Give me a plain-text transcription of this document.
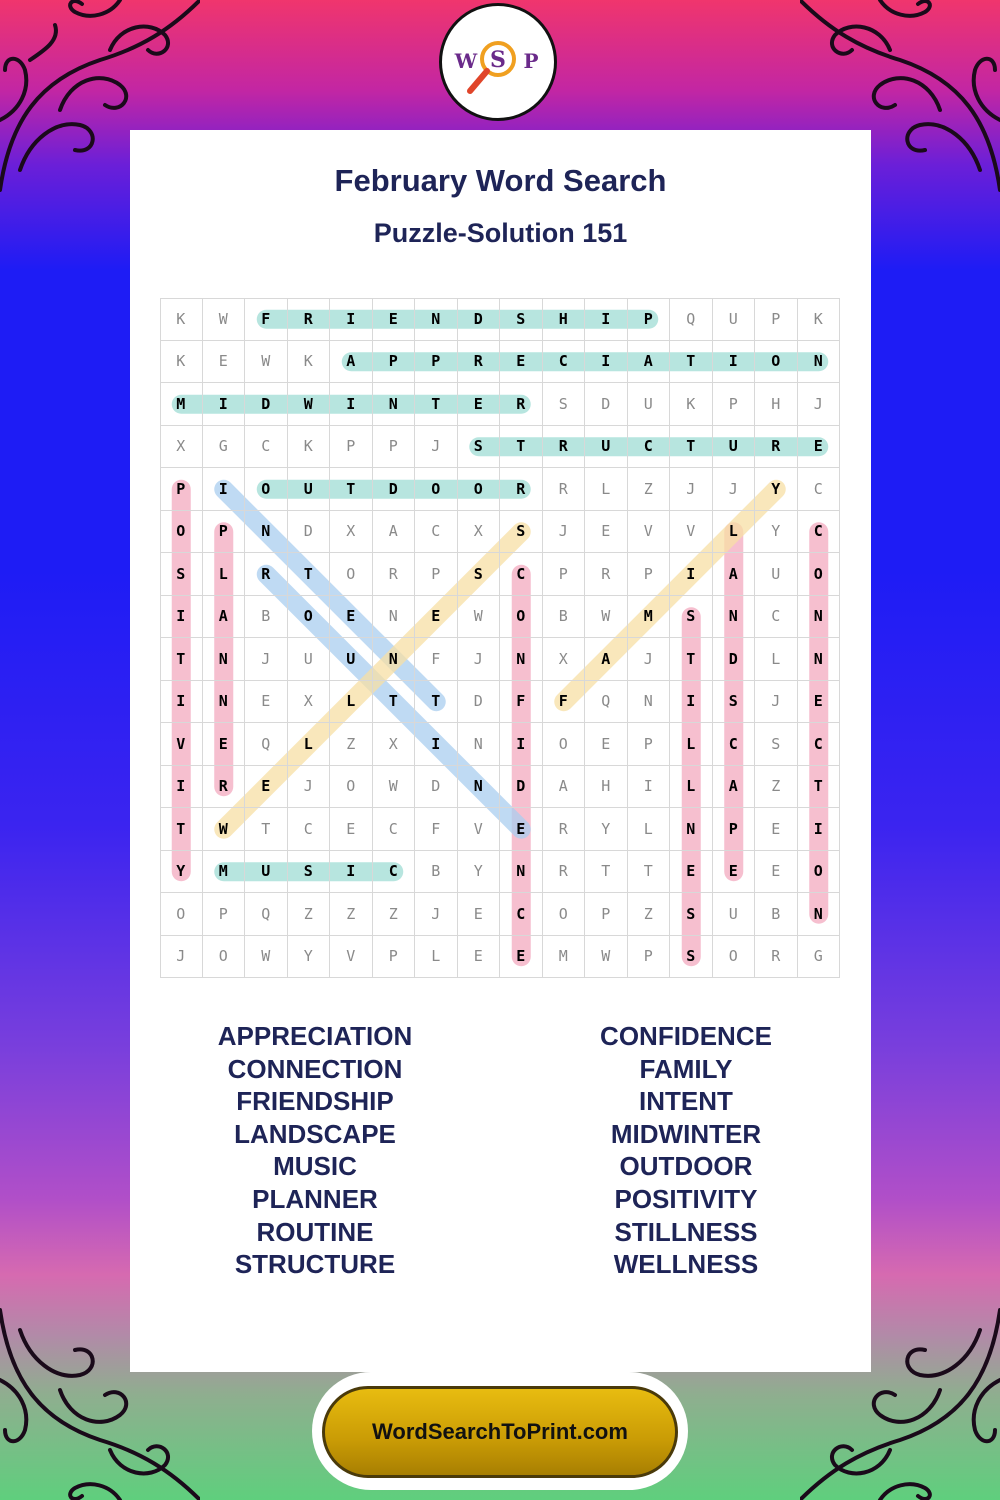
February Word Search
Puzzle-Solution 151
K	W	F	R	I	E	N	D	S	H	I	P	Q	U	P	K
K	E	W	K	A	P	P	R	E	C	I	A	T	I	O	N
M	I	D	W	I	N	T	E	R	S	D	U	K	P	H	J
X	G	C	K	P	P	J	S	T	R	U	C	T	U	R	E
P	I	O	U	T	D	O	O	R	R	L	Z	J	J	Y	C
O	P	N	D	X	A	C	X	S	J	E	V	V	L	Y	C
S	L	R	T	O	R	P	S	C	P	R	P	I	A	U	O
I	A	B	O	E	N	E	W	O	B	W	M	S	N	C	N
T	N	J	U	U	N	F	J	N	X	A	J	T	D	L	N
I	N	E	X	L	T	T	D	F	F	Q	N	I	S	J	E
V	E	Q	L	Z	X	I	N	I	O	E	P	L	C	S	C
I	R	E	J	O	W	D	N	D	A	H	I	L	A	Z	T
T	W	T	C	E	C	F	V	E	R	Y	L	N	P	E	I
Y	M	U	S	I	C	B	Y	N	R	T	T	E	E	E	O
O	P	Q	Z	Z	Z	J	E	C	O	P	Z	S	U	B	N
J	O	W	Y	V	P	L	E	E	M	W	P	S	O	R	G
APPRECIATION
CONNECTION
FRIENDSHIP
LANDSCAPE
MUSIC
PLANNER
ROUTINE
STRUCTURE
CONFIDENCE
FAMILY
INTENT
MIDWINTER
OUTDOOR
POSITIVITY
STILLNESS
WELLNESS
W S P
WordSearchToPrint.com
